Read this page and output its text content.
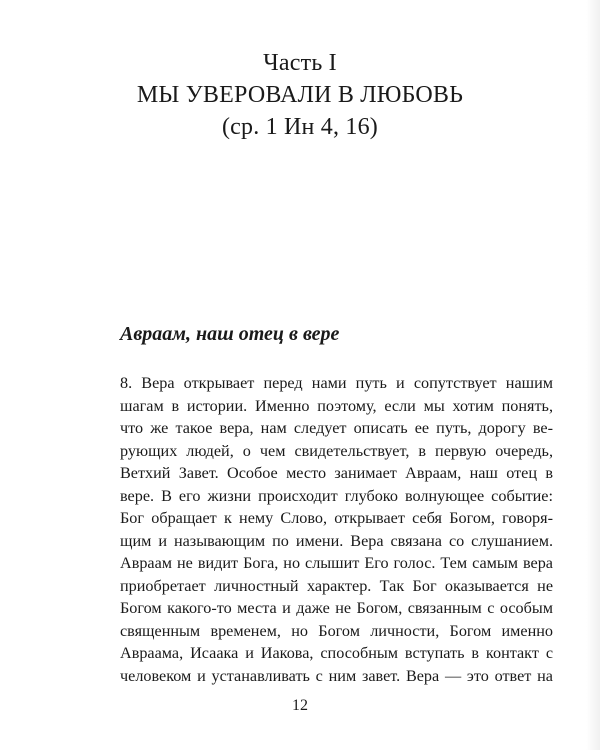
Часть I

МЫ УВЕРОВАЛИ В ЛЮБОВЬ

(ср. 1 Ин 4, 16)

Авраам, наш отец в вере
8. Вера открывает перед нами путь и сопутствует нашим
шагам в истории. Именно поэтому, если мы хотим понять,
что же такое вера, нам следует описать ее путь, дорогу ве-
рующих людей, о чем свидетельствует, в первую очередь,
Ветхий Завет. Особое место занимает Авраам, наш отец в
вере. В его жизни происходит глубоко волнующее событие:
Бог обращает к нему Слово, открывает себя Богом, говоря-
щим и называющим по имени. Вера связана со слушанием.
Авраам не видит Бога, но слышит Его голос. Тем самым вера
приобретает личностный характер. Так Бог оказывается не
Богом какого-то места и даже не Богом, связанным с особым
священным временем, но Богом личности, Богом именно
Авраама, Исаака и Иакова, способным вступать в контакт с
человеком и устанавливать с ним завет. Вера — это ответ на
12
